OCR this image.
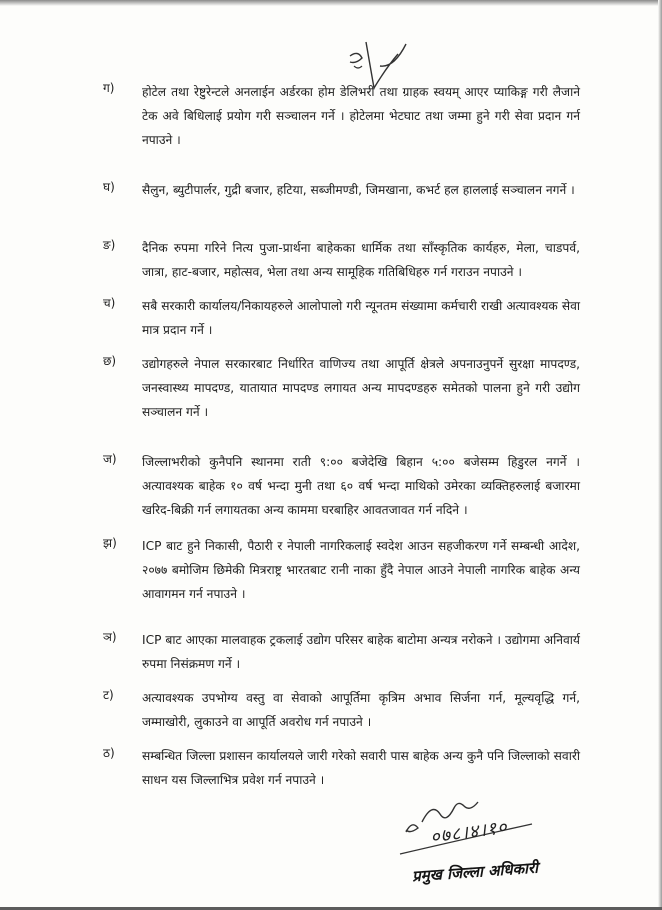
ग) होटेल तथा रेष्टुरेन्टले अनलाईन अर्डरका होम डेलिभरी तथा ग्राहक स्वयम् आएर प्याकिङ्ग गरी लैजाने टेक अवे बिधिलाई प्रयोग गरी सञ्चालन गर्ने । होटेलमा भेटघाट तथा जम्मा हुने गरी सेवा प्रदान गर्न नपाउने ।
घ) सैलुन, ब्युटीपार्लर, गुद्री बजार, हटिया, सब्जीमण्डी, जिमखाना, कभर्ट हल हाललाई सञ्चालन नगर्ने ।
ङ) दैनिक रुपमा गरिने नित्य पुजा-प्रार्थना बाहेकका धार्मिक तथा साँस्कृतिक कार्यहरु, मेला, चाडपर्व, जात्रा, हाट-बजार, महोत्सव, भेला तथा अन्य सामूहिक गतिबिधिहरु गर्न गराउन नपाउने ।
च) सबै सरकारी कार्यालय/निकायहरुले आलोपालो गरी न्यूनतम संख्यामा कर्मचारी राखी अत्यावश्यक सेवा मात्र प्रदान गर्ने ।
छ) उद्योगहरुले नेपाल सरकारबाट निर्धारित वाणिज्य तथा आपूर्ति क्षेत्रले अपनाउनुपर्ने सुरक्षा मापदण्ड, जनस्वास्थ्य मापदण्ड, यातायात मापदण्ड लगायत अन्य मापदण्डहरु समेतको पालना हुने गरी उद्योग सञ्चालन गर्ने ।
ज) जिल्लाभरीको कुनैपनि स्थानमा राती ९:०० बजेदेखि बिहान ५:०० बजेसम्म हिडुरल नगर्ने । अत्यावश्यक बाहेक १० वर्ष भन्दा मुनी तथा ६० वर्ष भन्दा माथिको उमेरका व्यक्तिहरुलाई बजारमा खरिद-बिक्री गर्न लगायतका अन्य काममा घरबाहिर आवतजावत गर्न नदिने ।
झ) ICP बाट हुने निकासी, पैठारी र नेपाली नागरिकलाई स्वदेश आउन सहजीकरण गर्ने सम्बन्धी आदेश, २०७७ बमोजिम छिमेकी मित्रराष्ट्र भारतबाट रानी नाका हुँदै नेपाल आउने नेपाली नागरिक बाहेक अन्य आवागमन गर्न नपाउने ।
ञ) ICP बाट आएका मालवाहक ट्रकलाई उद्योग परिसर बाहेक बाटोमा अन्यत्र नरोकने । उद्योगमा अनिवार्य रुपमा निसंक्रमण गर्ने ।
ट) अत्यावश्यक उपभोग्य वस्तु वा सेवाको आपूर्तिमा कृत्रिम अभाव सिर्जना गर्न, मूल्यवृद्धि गर्न, जम्माखोरी, लुकाउने वा आपूर्ति अवरोध गर्न नपाउने ।
ठ) सम्बन्धित जिल्ला प्रशासन कार्यालयले जारी गरेको सवारी पास बाहेक अन्य कुनै पनि जिल्लाको सवारी साधन यस जिल्लाभित्र प्रवेश गर्न नपाउने ।
०७८।४।१०
प्रमुख जिल्ला अधिकारी
